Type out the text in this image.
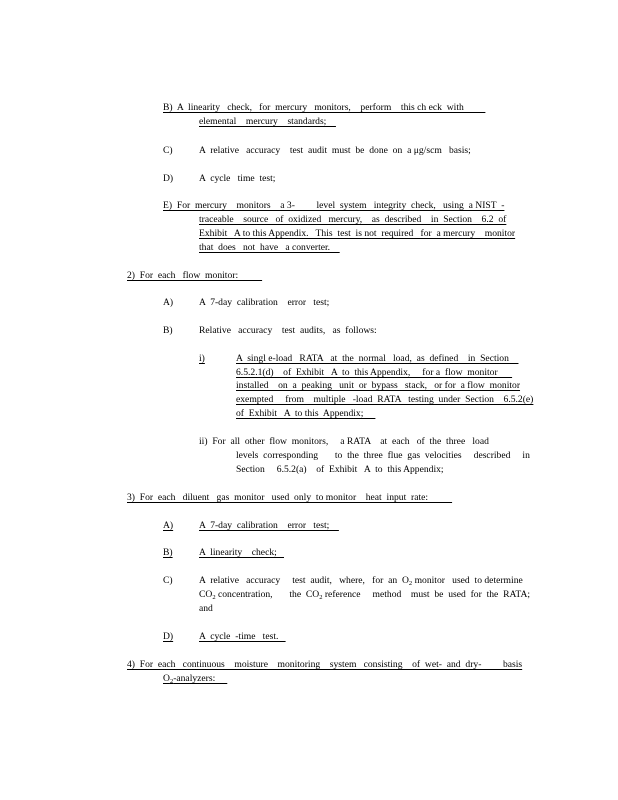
B)  A  linearity   check,   for  mercury   monitors,    perform    this ch eck  with
elemental    mercury    standards;
C)	A  relative   accuracy    test  audit  must  be  done  on  a μg/scm   basis;
D)	A  cycle   time  test;
E)  For  mercury    monitors    a 3-         level  system   integrity  check,   using  a NIST  -
traceable    source   of  oxidized   mercury,    as  described    in  Section    6.2  of
Exhibit   A to this Appendix.   This  test  is not  required   for  a mercury    monitor
that  does   not  have   a converter.
2)  For  each   flow  monitor:
A)	A  7-day  calibration    error   test;
B)	Relative   accuracy    test  audits,   as  follows:
i)	A  singl e-load   RATA   at  the  normal   load,  as  defined    in  Section
6.5.2.1(d)    of  Exhibit   A  to  this Appendix,     for a  flow  monitor
installed    on  a  peaking   unit  or  bypass   stack,   or for  a flow  monitor
exempted     from    multiple   -load  RATA   testing  under  Section    6.5.2(e)
of  Exhibit   A  to this  Appendix;
ii)  For  all  other  flow  monitors,     a RATA    at  each   of  the  three   load
levels  corresponding       to  the  three  flue  gas  velocities     described     in
Section     6.5.2(a)    of  Exhibit   A  to  this Appendix;
3)  For  each   diluent   gas  monitor   used  only  to monitor    heat  input  rate:
A)	A  7-day  calibration    error   test;
B)	A  linearity    check;
C)	A  relative   accuracy     test  audit,   where,   for  an  $O_2$ monitor   used  to determine
$CO_2$ concentration,       the  $CO_2$ reference     method    must  be  used  for  the  RATA;
and
D)	A  cycle  -time   test.
4)  For  each   continuous    moisture    monitoring    system   consisting    of  wet-  and  dry-         basis
$O_2$-analyzers:
